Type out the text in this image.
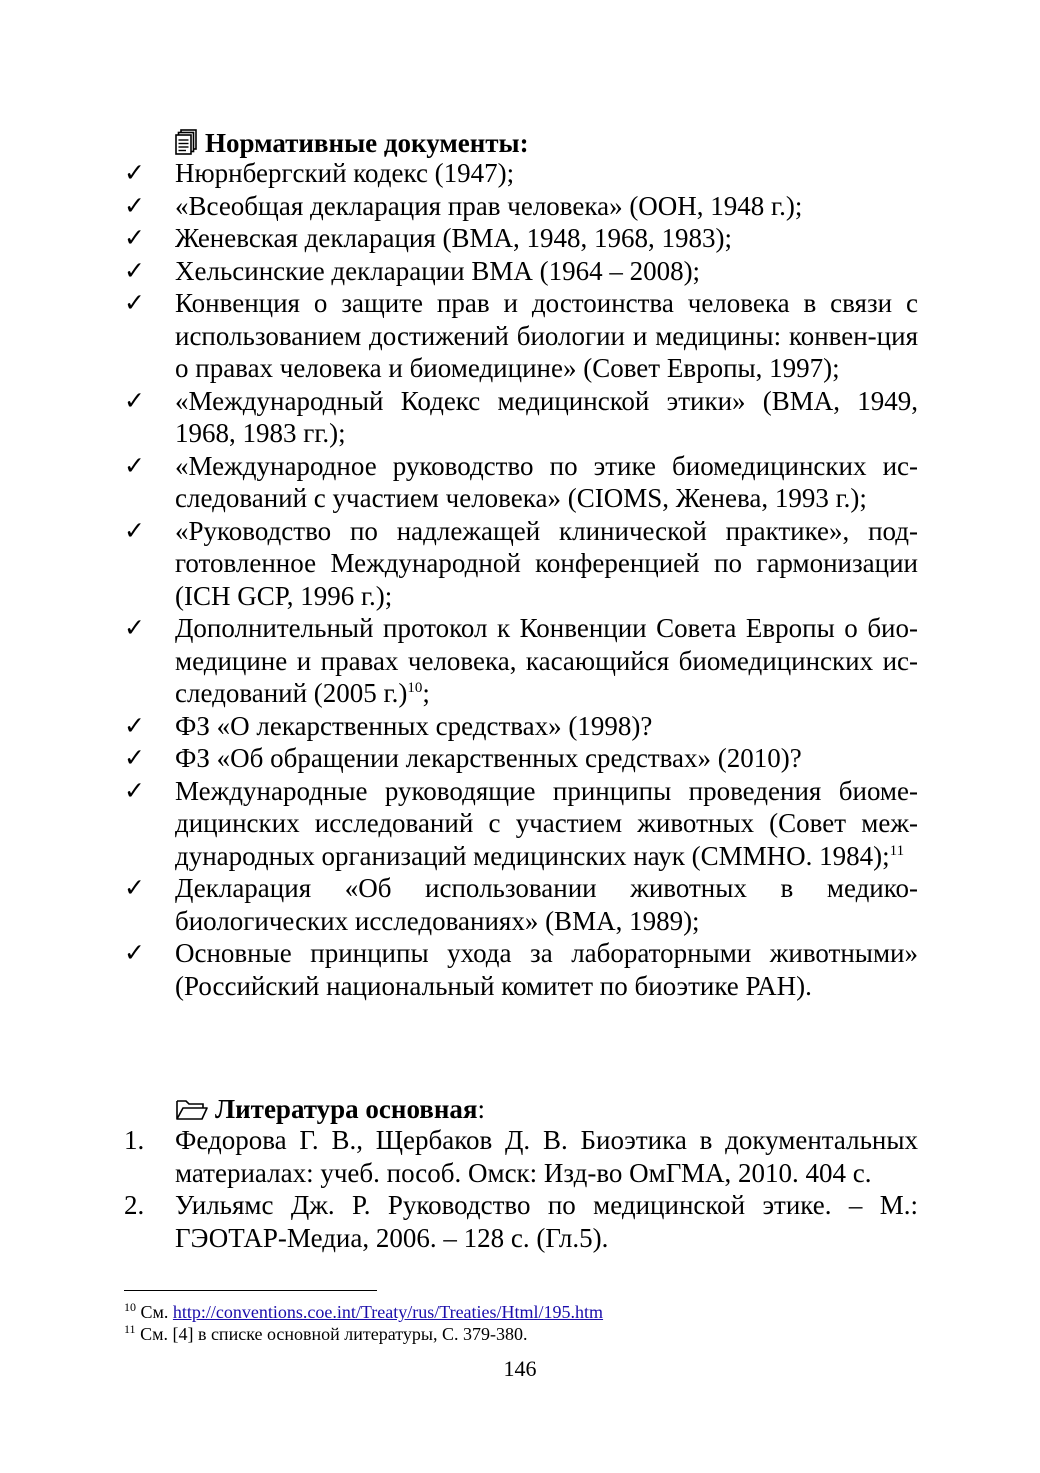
Нормативные документы:
✓	Нюрнбергский кодекс (1947);
✓	«Всеобщая декларация прав человека» (ООН, 1948 г.);
✓	Женевская декларация (ВМА, 1948, 1968, 1983);
✓	Хельсинские декларации ВМА (1964 – 2008);
✓	Конвенция о защите прав и достоинства человека в связи с использованием достижений биологии и медицины: конвен-ция о правах человека и биомедицине» (Совет Европы, 1997);
✓	«Международный Кодекс медицинской этики» (ВМА, 1949, 1968, 1983 гг.);
✓	«Международное руководство по этике биомедицинских ис-следований с участием человека» (CIOMS, Женева, 1993 г.);
✓	«Руководство по надлежащей клинической практике», под-готовленное Международной конференцией по гармонизации (ICH GCP, 1996 г.);
✓	Дополнительный протокол к Конвенции Совета Европы о био-медицине и правах человека, касающийся биомедицинских ис-следований (2005 г.)$^{10}$;
✓	ФЗ «О лекарственных средствах» (1998)?
✓	ФЗ «Об обращении лекарственных средствах» (2010)?
✓	Международные руководящие принципы проведения биоме-дицинских исследований с участием животных (Совет меж-дународных организаций медицинских наук (СММНО. 1984);$^{11}$
✓	Декларация «Об использовании животных в медико-биологических исследованиях» (ВМА, 1989);
✓	Основные принципы ухода за лабораторными животными» (Российский национальный комитет по биоэтике РАН).
Литература основная:
1.	Федорова Г. В., Щербаков Д. В. Биоэтика в документальных материалах: учеб. пособ. Омск: Изд-во ОмГМА, 2010. 404 с.
2.	Уильямс Дж. Р. Руководство по медицинской этике. – М.: ГЭОТАР-Медиа, 2006. – 128 с. (Гл.5).
$^{10}$ См. http://conventions.coe.int/Treaty/rus/Treaties/Html/195.htm
$^{11}$ См. [4] в списке основной литературы, С. 379-380.
146
